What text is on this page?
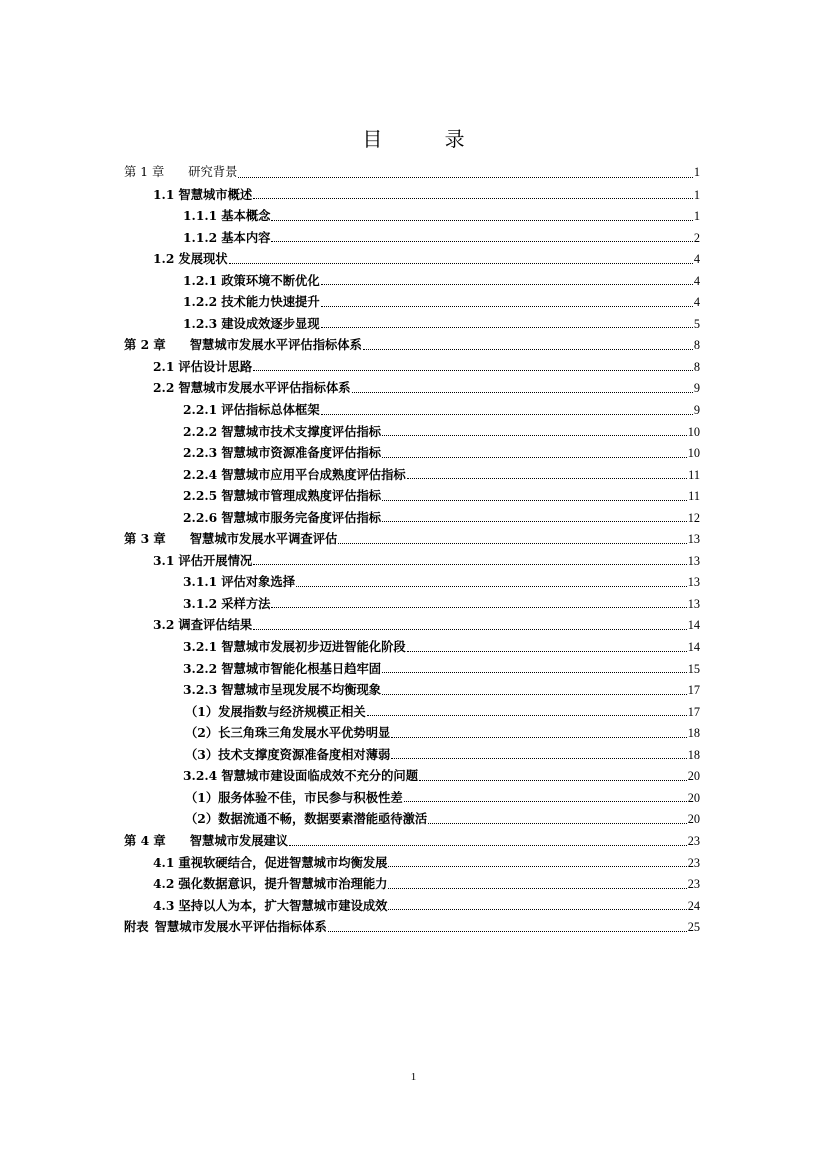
目 录
第 1 章 研究背景	1
1.1 智慧城市概述	1
1.1.1 基本概念	1
1.1.2 基本内容	2
1.2 发展现状	4
1.2.1 政策环境不断优化	4
1.2.2 技术能力快速提升	4
1.2.3 建设成效逐步显现	5
第 2 章 智慧城市发展水平评估指标体系	8
2.1 评估设计思路	8
2.2 智慧城市发展水平评估指标体系	9
2.2.1 评估指标总体框架	9
2.2.2 智慧城市技术支撑度评估指标	10
2.2.3 智慧城市资源准备度评估指标	10
2.2.4 智慧城市应用平台成熟度评估指标	11
2.2.5 智慧城市管理成熟度评估指标	11
2.2.6 智慧城市服务完备度评估指标	12
第 3 章 智慧城市发展水平调查评估	13
3.1 评估开展情况	13
3.1.1 评估对象选择	13
3.1.2 采样方法	13
3.2 调查评估结果	14
3.2.1 智慧城市发展初步迈进智能化阶段	14
3.2.2 智慧城市智能化根基日趋牢固	15
3.2.3 智慧城市呈现发展不均衡现象	17
（1）发展指数与经济规模正相关	17
（2）长三角珠三角发展水平优势明显	18
（3）技术支撑度资源准备度相对薄弱	18
3.2.4 智慧城市建设面临成效不充分的问题	20
（1）服务体验不佳，市民参与积极性差	20
（2）数据流通不畅，数据要素潜能亟待激活	20
第 4 章 智慧城市发展建议	23
4.1 重视软硬结合，促进智慧城市均衡发展	23
4.2 强化数据意识，提升智慧城市治理能力	23
4.3 坚持以人为本，扩大智慧城市建设成效	24
附表 智慧城市发展水平评估指标体系	25
1
